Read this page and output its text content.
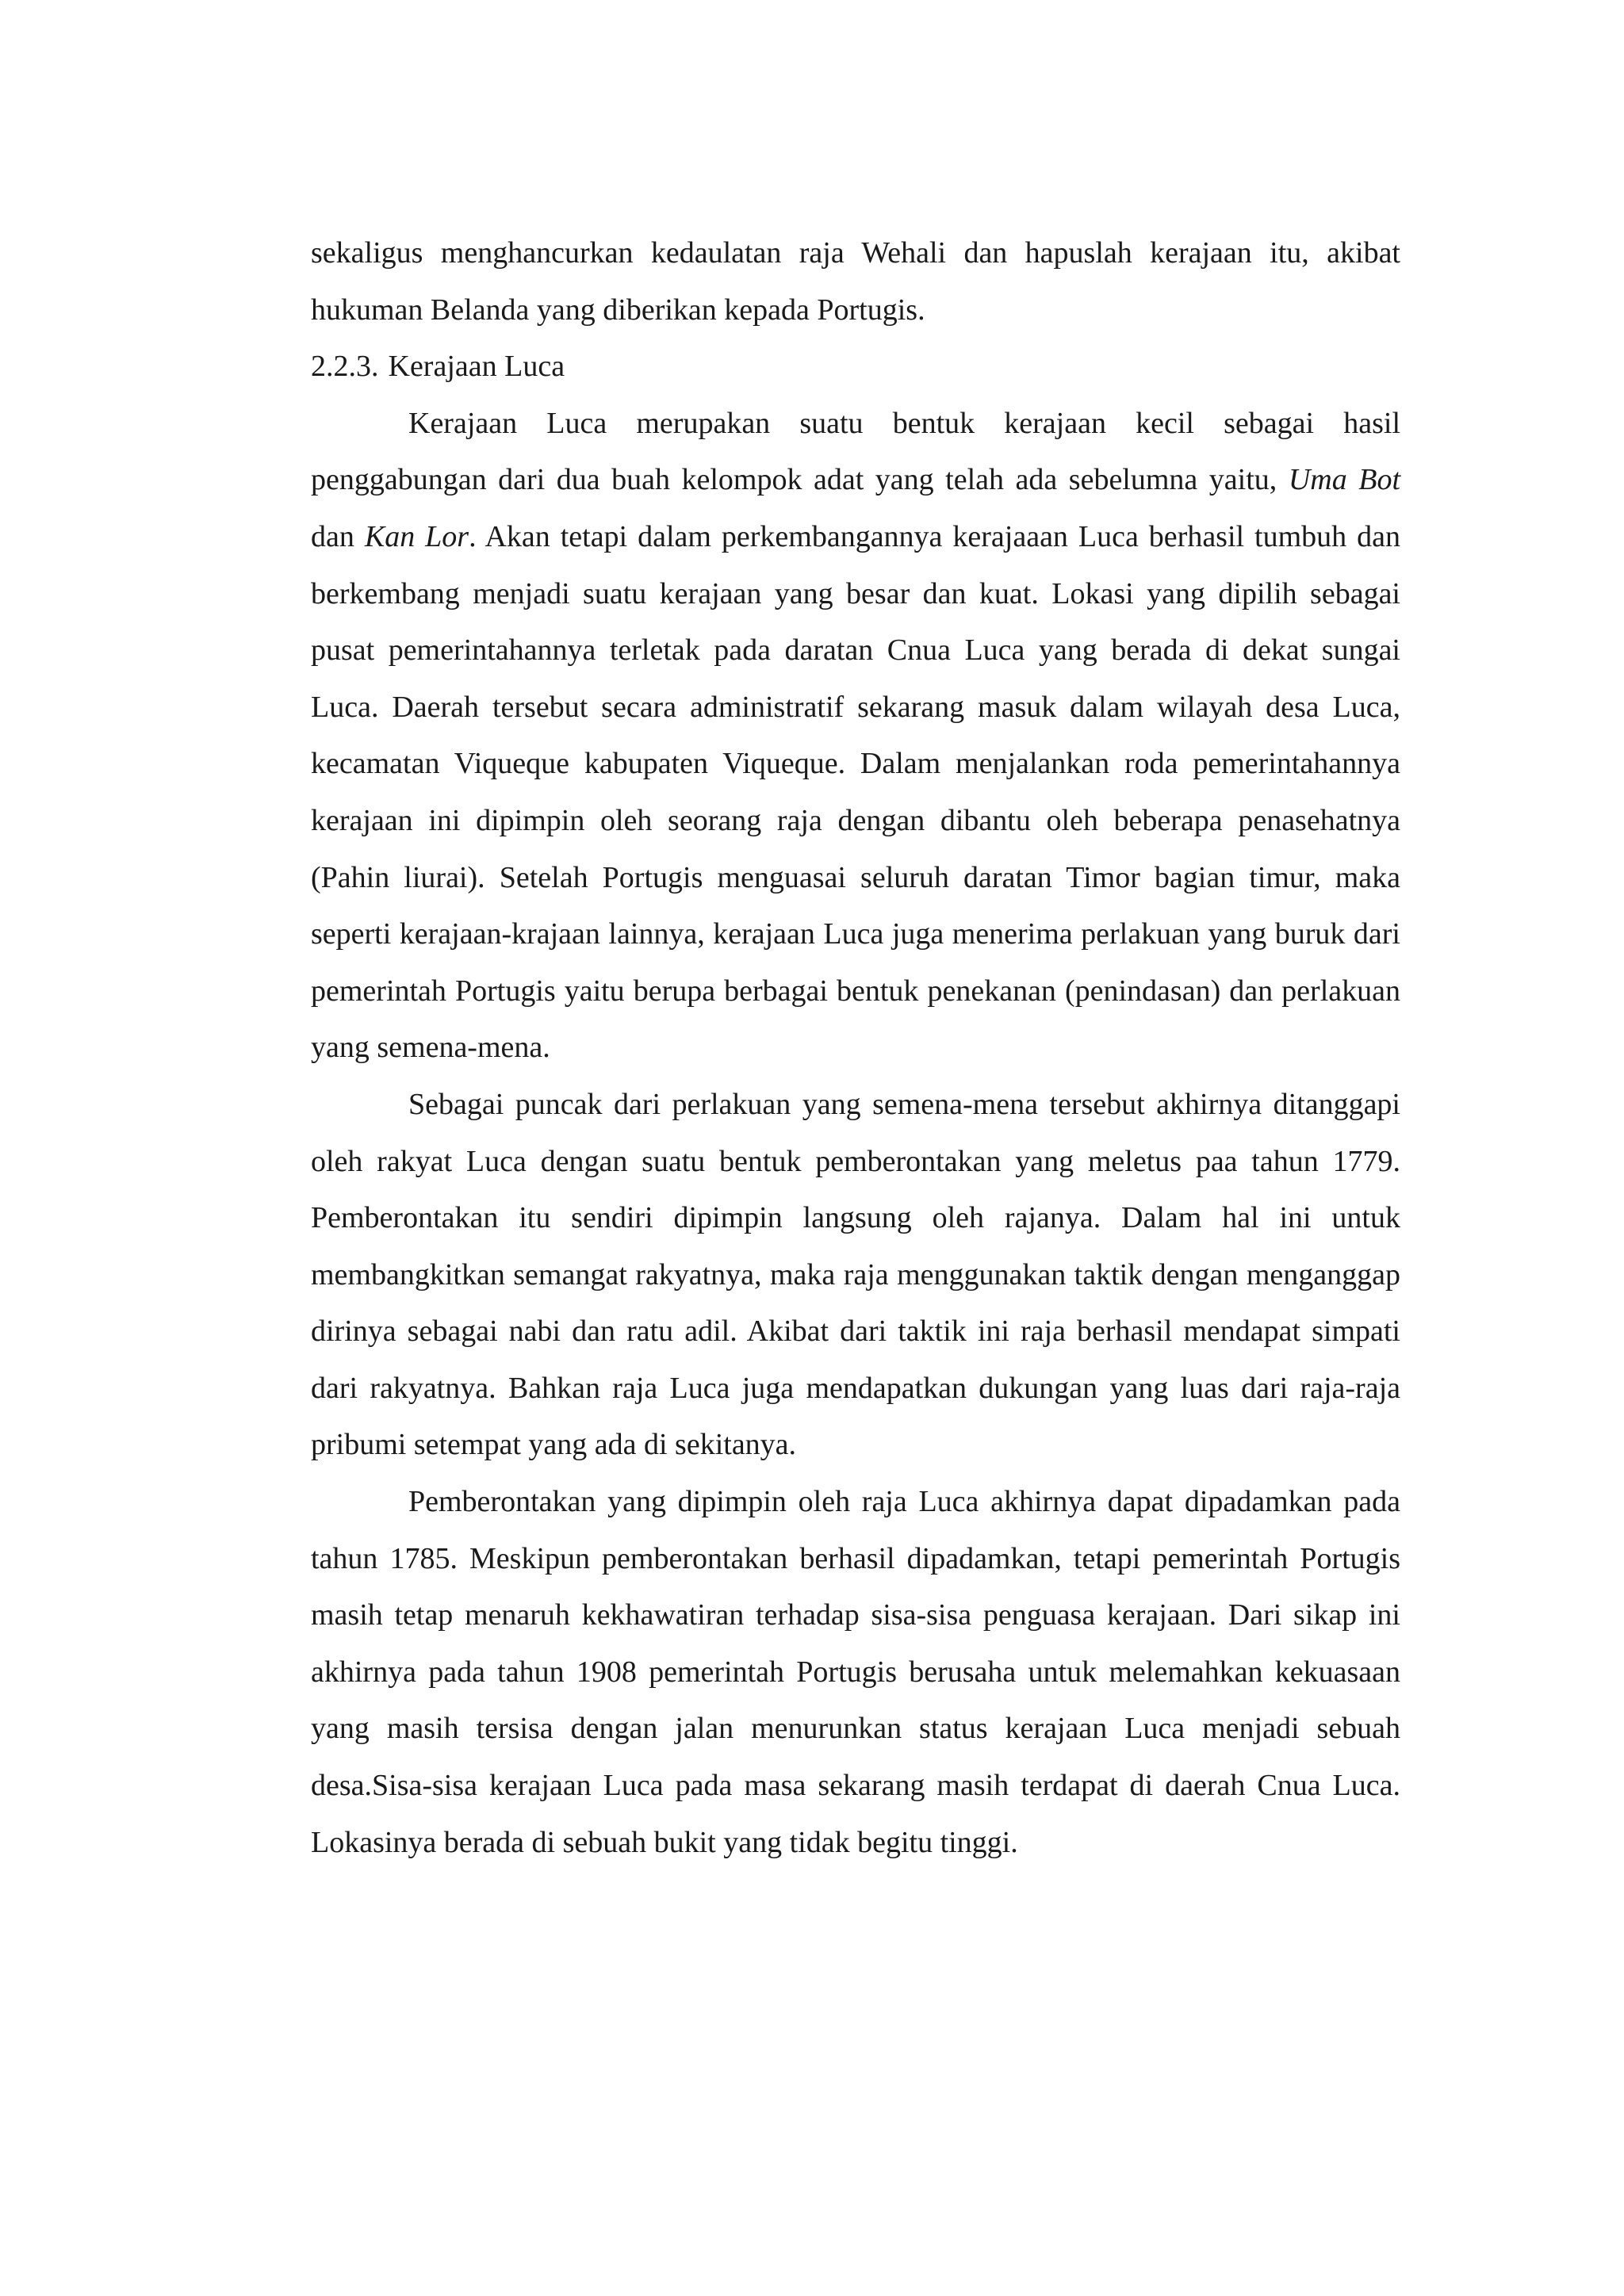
sekaligus menghancurkan kedaulatan raja Wehali dan hapuslah kerajaan itu, akibat hukuman Belanda yang diberikan kepada Portugis.

2.2.3. Kerajaan Luca

Kerajaan Luca merupakan suatu bentuk kerajaan kecil sebagai hasil penggabungan dari dua buah kelompok adat yang telah ada sebelumna yaitu, Uma Bot dan Kan Lor. Akan tetapi dalam perkembangannya kerajaaan Luca berhasil tumbuh dan berkembang menjadi suatu kerajaan yang besar dan kuat. Lokasi yang dipilih sebagai pusat pemerintahannya terletak pada daratan Cnua Luca yang berada di dekat sungai Luca. Daerah tersebut secara administratif sekarang masuk dalam wilayah desa Luca, kecamatan Viqueque kabupaten Viqueque. Dalam menjalankan roda pemerintahannya kerajaan ini dipimpin oleh seorang raja dengan dibantu oleh beberapa penasehatnya (Pahin liurai). Setelah Portugis menguasai seluruh daratan Timor bagian timur, maka seperti kerajaan-krajaan lainnya, kerajaan Luca juga menerima perlakuan yang buruk dari pemerintah Portugis yaitu berupa berbagai bentuk penekanan (penindasan) dan perlakuan yang semena-mena.

Sebagai puncak dari perlakuan yang semena-mena tersebut akhirnya ditanggapi oleh rakyat Luca dengan suatu bentuk pemberontakan yang meletus paa tahun 1779. Pemberontakan itu sendiri dipimpin langsung oleh rajanya. Dalam hal ini untuk membangkitkan semangat rakyatnya, maka raja menggunakan taktik dengan menganggap dirinya sebagai nabi dan ratu adil. Akibat dari taktik ini raja berhasil mendapat simpati dari rakyatnya. Bahkan raja Luca juga mendapatkan dukungan yang luas dari raja-raja pribumi setempat yang ada di sekitanya.

Pemberontakan yang dipimpin oleh raja Luca akhirnya dapat dipadamkan pada tahun 1785. Meskipun pemberontakan berhasil dipadamkan, tetapi pemerintah Portugis masih tetap menaruh kekhawatiran terhadap sisa-sisa penguasa kerajaan. Dari sikap ini akhirnya pada tahun 1908 pemerintah Portugis berusaha untuk melemahkan kekuasaan yang masih tersisa dengan jalan menurunkan status kerajaan Luca menjadi sebuah desa.Sisa-sisa kerajaan Luca pada masa sekarang masih terdapat di daerah Cnua Luca. Lokasinya berada di sebuah bukit yang tidak begitu tinggi.
